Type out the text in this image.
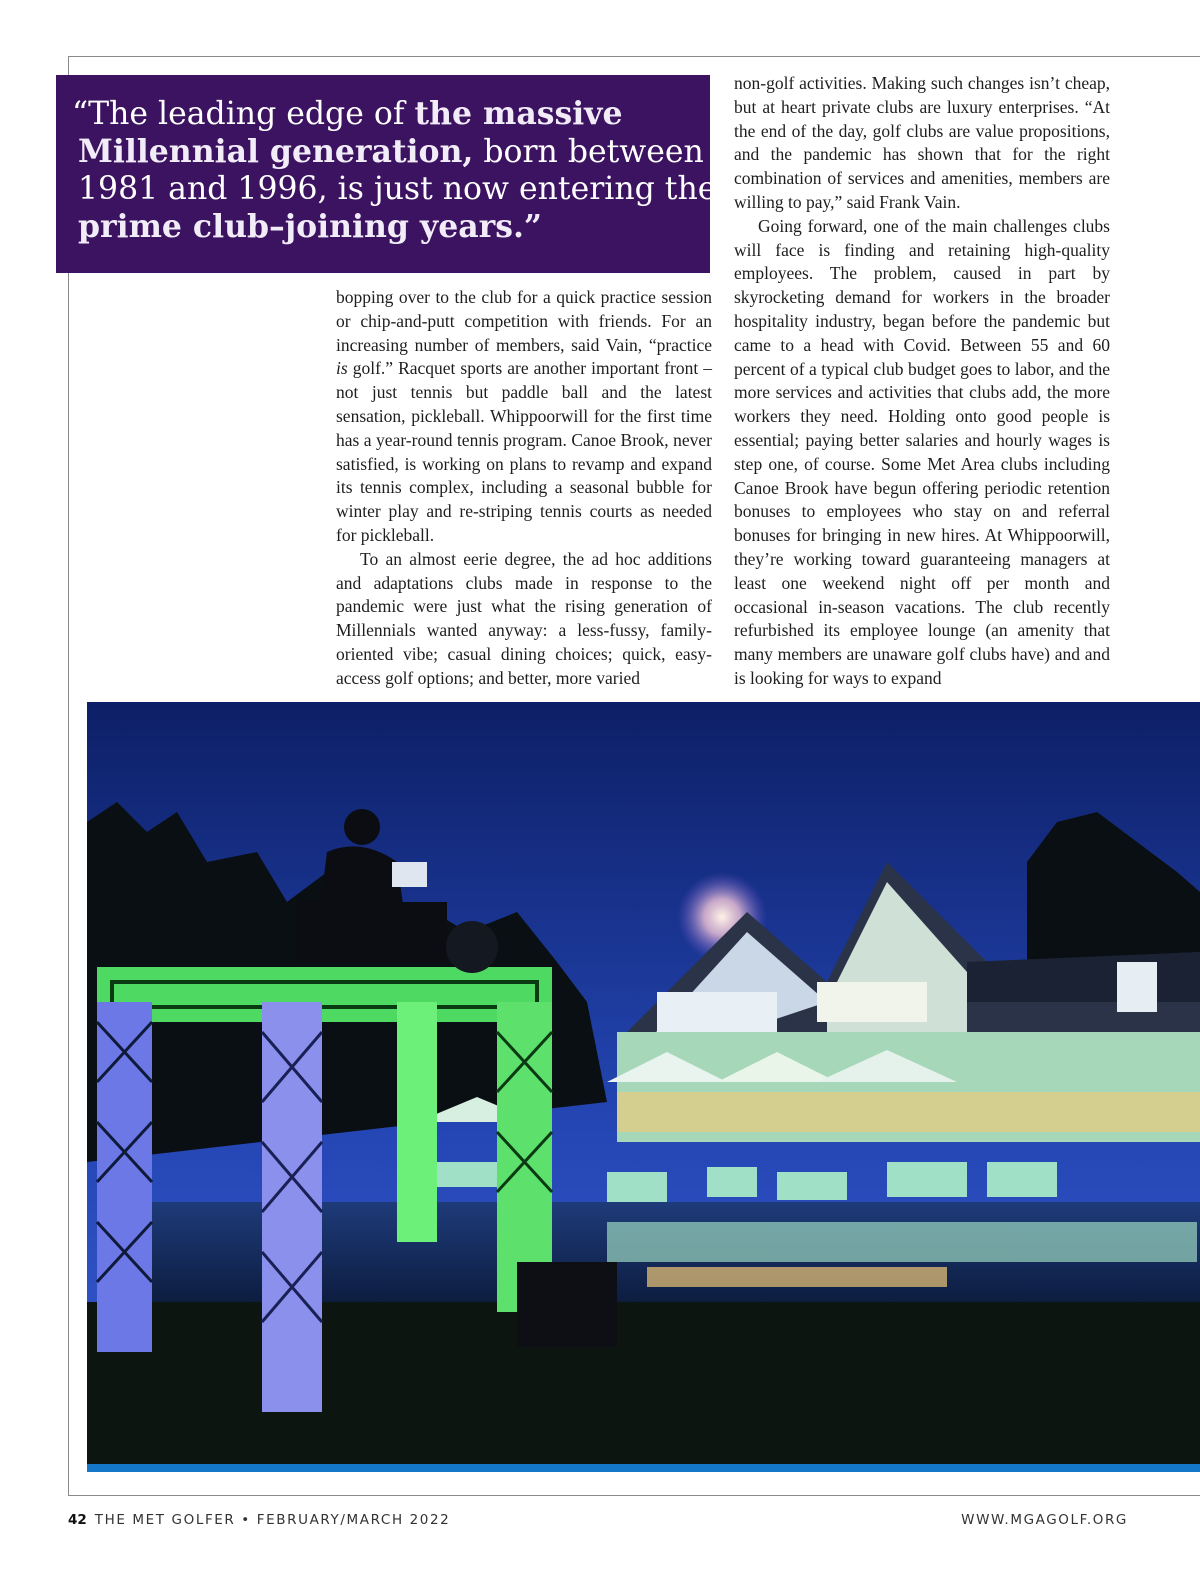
“The leading edge of the massive
Millennial generation, born between
1981 and 1996, is just now entering the
prime club–joining years.”

bopping over to the club for a quick practice session or chip-and-putt competition with friends. For an increasing number of members, said Vain, “practice is golf.” Racquet sports are another important front – not just tennis but paddle ball and the latest sensation, pickleball. Whippoorwill for the first time has a year-round tennis program. Canoe Brook, never satisfied, is working on plans to revamp and expand its tennis complex, including a seasonal bubble for winter play and re-striping tennis courts as needed for pickleball.

To an almost eerie degree, the ad hoc additions and adaptations clubs made in response to the pandemic were just what the rising generation of Millennials wanted anyway: a less-fussy, family-oriented vibe; casual dining choices; quick, easy-access golf options; and better, more varied

non-golf activities. Making such changes isn’t cheap, but at heart private clubs are luxury enterprises. “At the end of the day, golf clubs are value propositions, and the pandemic has shown that for the right combination of services and amenities, members are willing to pay,” said Frank Vain.

Going forward, one of the main challenges clubs will face is finding and retaining high-quality employees. The problem, caused in part by skyrocketing demand for workers in the broader hospitality industry, began before the pandemic but came to a head with Covid. Between 55 and 60 percent of a typical club budget goes to labor, and the more services and activities that clubs add, the more workers they need. Holding onto good people is essential; paying better salaries and hourly wages is step one, of course. Some Met Area clubs including Canoe Brook have begun offering periodic retention bonuses to employees who stay on and referral bonuses for bringing in new hires. At Whippoorwill, they’re working toward guaranteeing managers at least one weekend night off per month and occasional in-season vacations. The club recently refurbished its employee lounge (an amenity that many members are unaware golf clubs have) and and is looking for ways to expand

42 THE MET GOLFER • FEBRUARY/MARCH 2022	WWW.MGAGOLF.ORG
